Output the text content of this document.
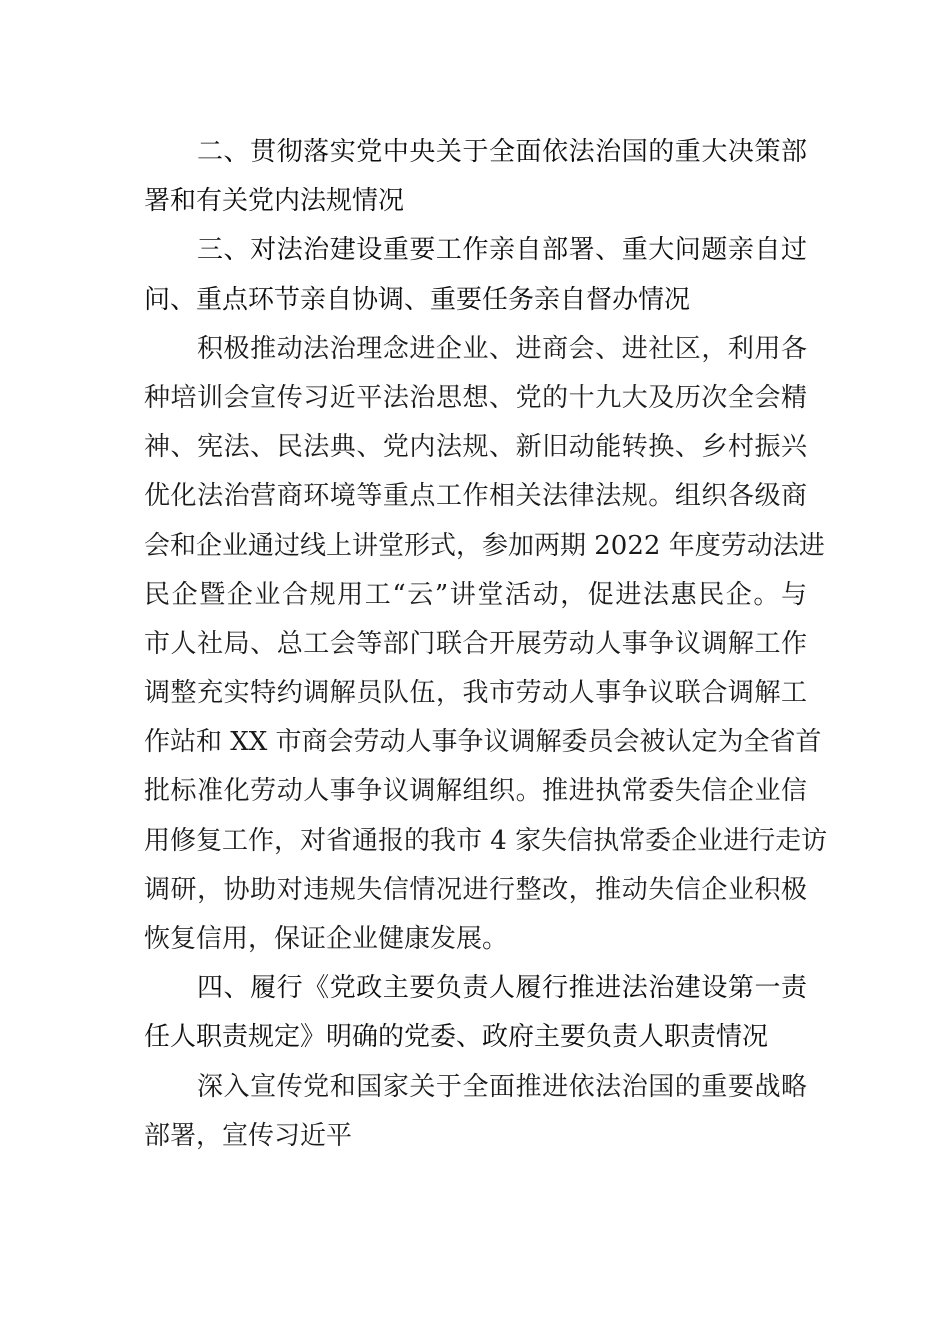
二、贯彻落实党中央关于全面依法治国的重大决策部
署和有关党内法规情况
三、对法治建设重要工作亲自部署、重大问题亲自过
问、重点环节亲自协调、重要任务亲自督办情况
积极推动法治理念进企业、进商会、进社区，利用各
种培训会宣传习近平法治思想、党的十九大及历次全会精
神、宪法、民法典、党内法规、新旧动能转换、乡村振兴
优化法治营商环境等重点工作相关法律法规。组织各级商
会和企业通过线上讲堂形式，参加两期 2022 年度劳动法进
民企暨企业合规用工“云”讲堂活动，促进法惠民企。与
市人社局、总工会等部门联合开展劳动人事争议调解工作
调整充实特约调解员队伍，我市劳动人事争议联合调解工
作站和 XX 市商会劳动人事争议调解委员会被认定为全省首
批标准化劳动人事争议调解组织。推进执常委失信企业信
用修复工作，对省通报的我市 4 家失信执常委企业进行走访
调研，协助对违规失信情况进行整改，推动失信企业积极
恢复信用，保证企业健康发展。
四、履行《党政主要负责人履行推进法治建设第一责
任人职责规定》明确的党委、政府主要负责人职责情况
深入宣传党和国家关于全面推进依法治国的重要战略
部署，宣传习近平
